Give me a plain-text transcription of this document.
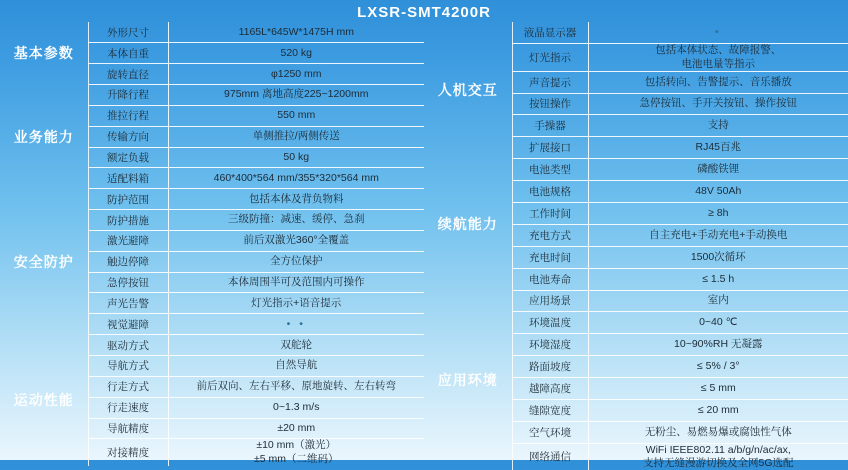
LXSR-SMT4200R
基本参数	外形尺寸	1165L*645W*1475H mm
	本体自重	520 kg
	旋转直径	φ1250 mm
业务能力	升降行程	975mm 离地高度225~1200mm
	推拉行程	550 mm
	传输方向	单侧推拉/两侧传送
	额定负载	50 kg
	适配料箱	460*400*564 mm/355*320*564 mm
安全防护	防护范围	包括本体及背负物料
	防护措施	三级防撞：减速、缓停、急刹
	激光避障	前后双激光360°全覆盖
	触边停障	全方位保护
	急停按钮	本体周围半可及范围内可操作
	声光告警	灯光指示+语音提示
	视觉避障	• •
运动性能	驱动方式	双舵轮
	导航方式	自然导航
	行走方式	前后双向、左右平移、原地旋转、左右转弯
	行走速度	0~1.3 m/s
	导航精度	±20 mm
	对接精度	±10 mm（激光）
±5 mm（二维码）
人机交互	液晶显示器	•
	灯光指示	包括本体状态、故障报警、
电池电量等指示

	声音提示	包括转向、告警提示、音乐播放
	按钮操作	急停按钮、手开关按钮、操作按钮
	手操器	支持
	扩展接口	RJ45百兆
续航能力	电池类型	磷酸铁锂
	电池规格	48V 50Ah
	工作时间	≥ 8h
	充电方式	自主充电+手动充电+手动换电
	充电时间	1500次循环
	电池寿命	≤ 1.5 h
应用环境	应用场景	室内
	环境温度	0~40 ℃
	环境湿度	10~90%RH 无凝露
	路面坡度	≤ 5% / 3°
	越障高度	≤ 5 mm
	缝隙宽度	≤ 20 mm
	空气环境	无粉尘、易燃易爆或腐蚀性气体
	网络通信	WiFi IEEE802.11 a/b/g/n/ac/ax,
支持无缝漫游切换及全网5G选配
